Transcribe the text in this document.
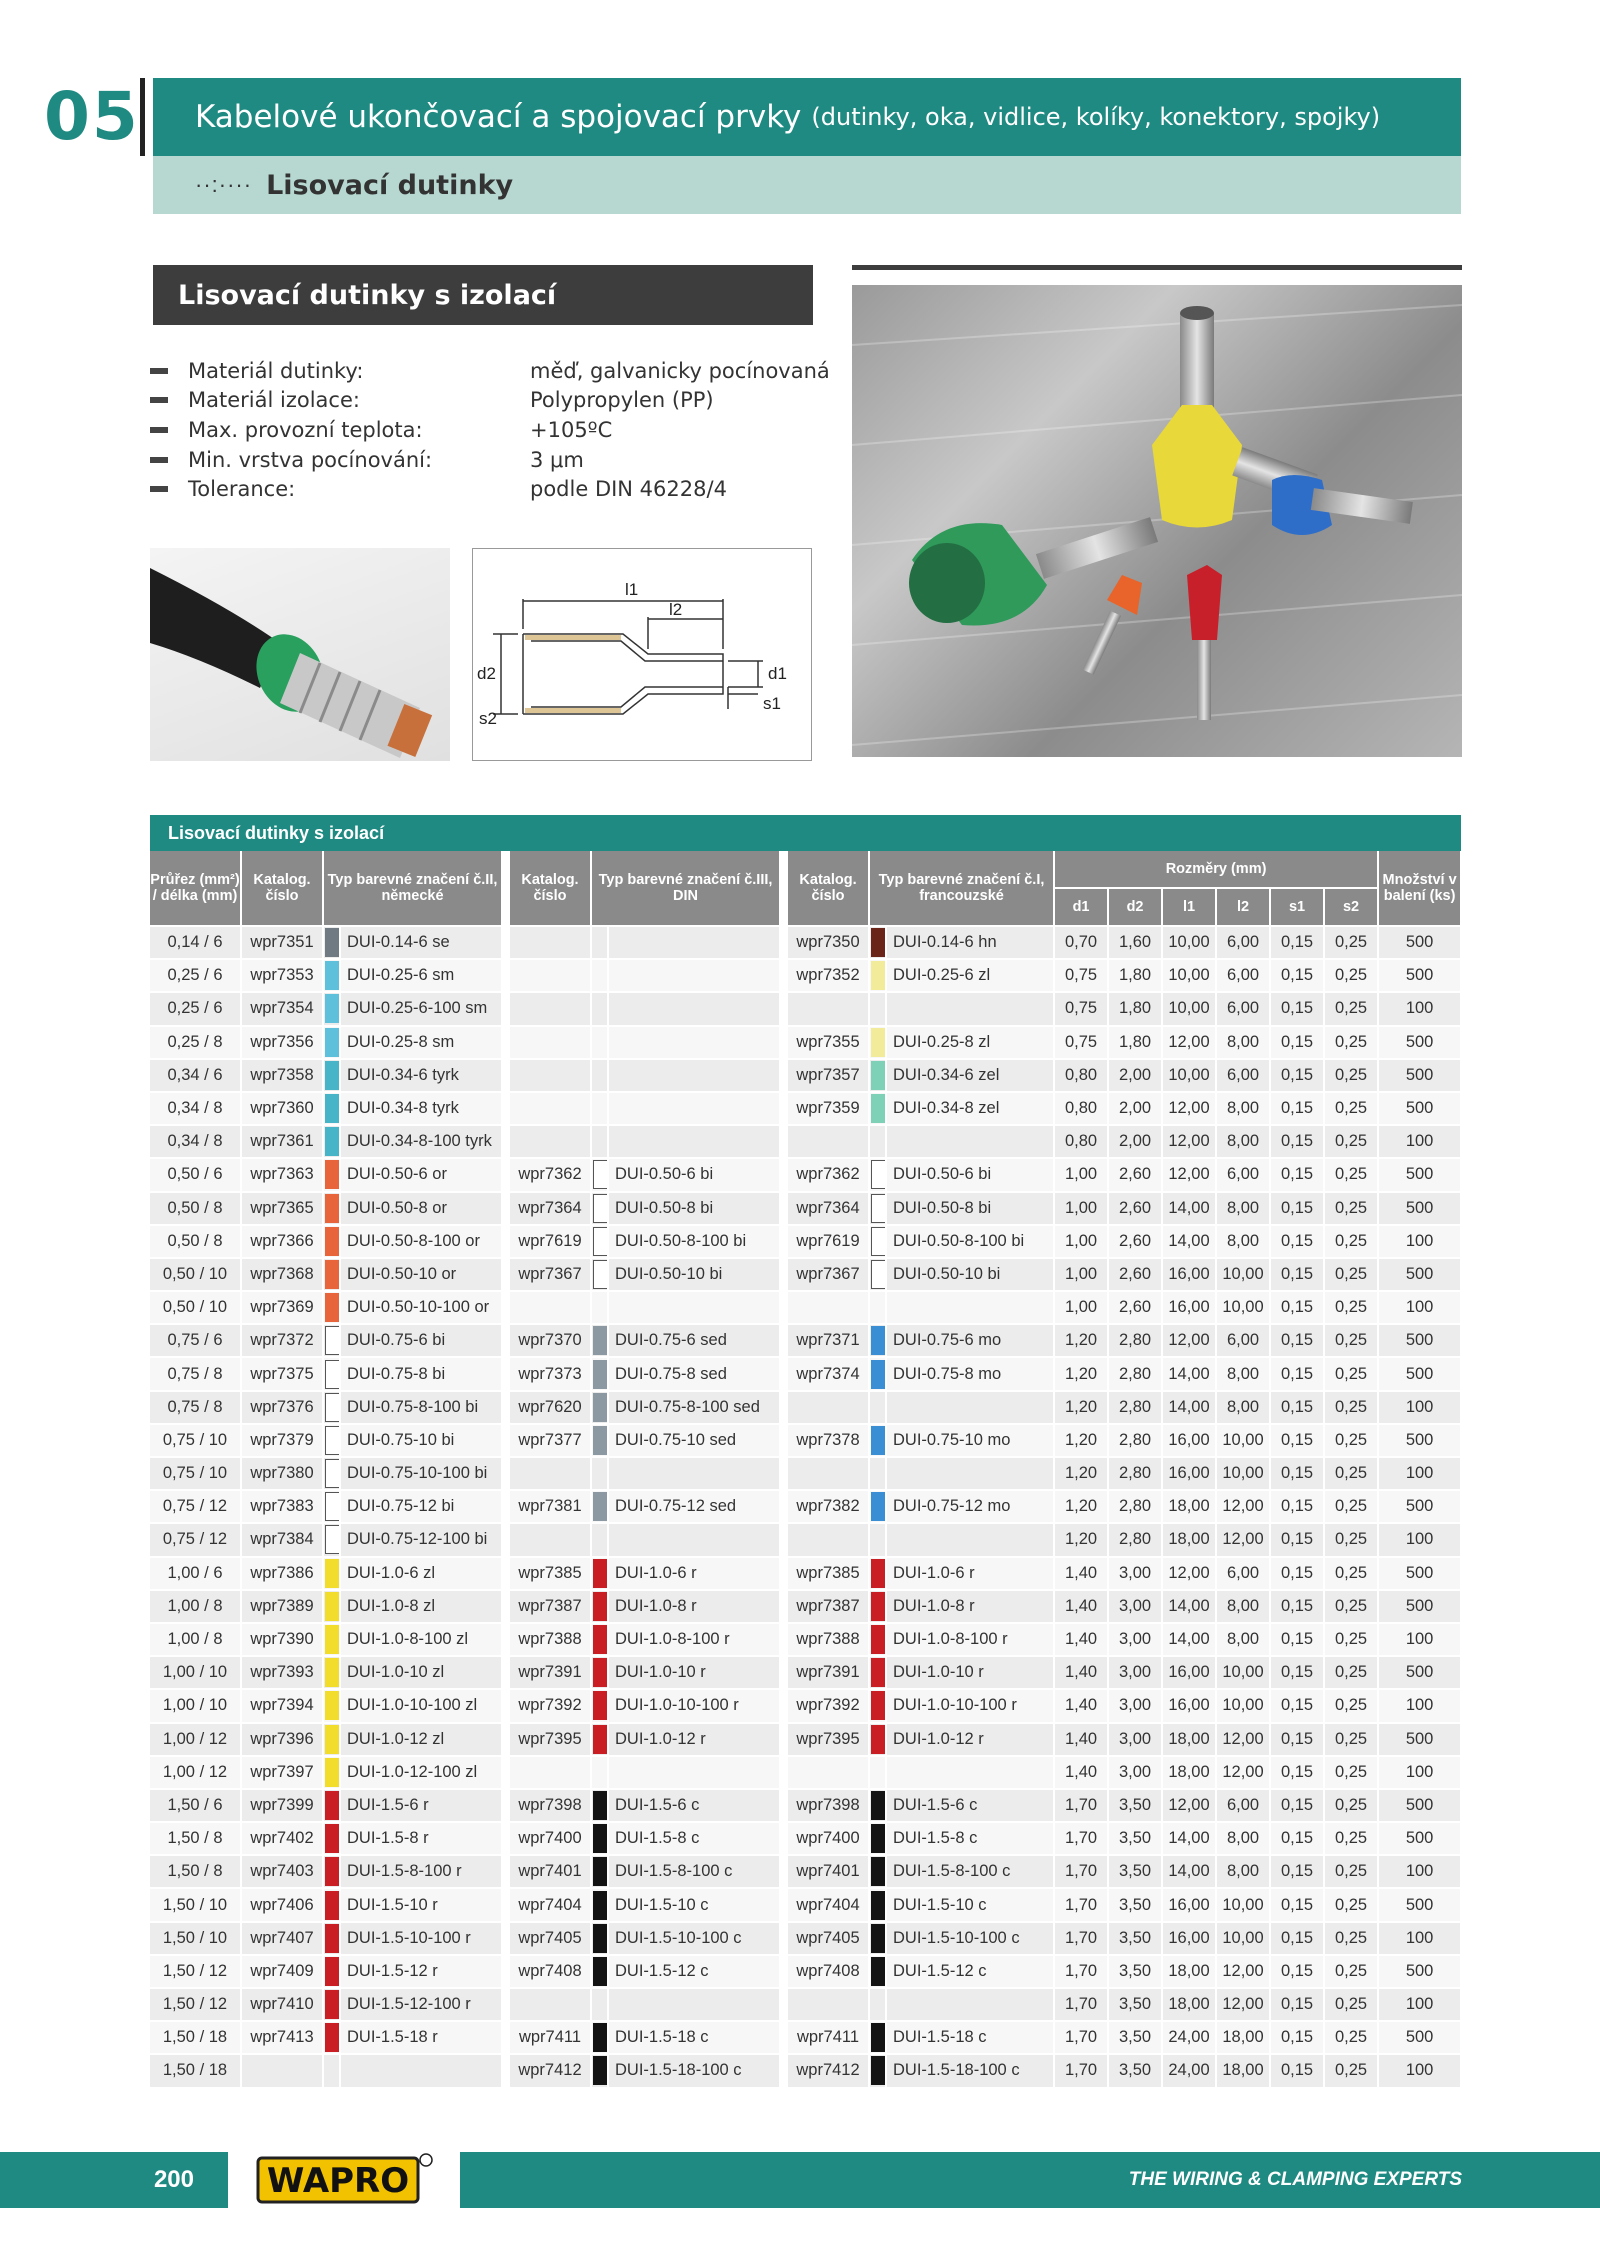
05 Kabelové ukončovací a spojovací prvky (dutinky, oka, vidlice, kolíky, konektory, spojky)
··:···· Lisovací dutinky
Lisovací dutinky s izolací
Materiál dutinky:	měď, galvanicky pocínovaná
Materiál izolace:	Polypropylen (PP)
Max. provozní teplota:	+105ºC
Min. vrstva pocínování:	3 μm
Tolerance:	podle DIN 46228/4
l1
l2
d2	d1
s1
s2
Lisovací dutinky s izolací
Průřez (mm²) / délka (mm)	Katalog. číslo	Typ barevné značení č.II, německé			Katalog. číslo	Typ barevné značení č.III, DIN			Katalog. číslo	Typ barevné značení č.I, francouzské		Rozměry (mm)						Množství v balení (ks)
												d1	d2	l1	l2	s1	s2	
0,14 / 6	wpr7351		DUI-0.14-6 se						wpr7350		DUI-0.14-6 hn	0,70	1,60	10,00	6,00	0,15	0,25	500
0,25 / 6	wpr7353		DUI-0.25-6 sm						wpr7352		DUI-0.25-6 zl	0,75	1,80	10,00	6,00	0,15	0,25	500
0,25 / 6	wpr7354		DUI-0.25-6-100 sm									0,75	1,80	10,00	6,00	0,15	0,25	100
0,25 / 8	wpr7356		DUI-0.25-8 sm						wpr7355		DUI-0.25-8 zl	0,75	1,80	12,00	8,00	0,15	0,25	500
0,34 / 6	wpr7358		DUI-0.34-6 tyrk						wpr7357		DUI-0.34-6 zel	0,80	2,00	10,00	6,00	0,15	0,25	500
0,34 / 8	wpr7360		DUI-0.34-8 tyrk						wpr7359		DUI-0.34-8 zel	0,80	2,00	12,00	8,00	0,15	0,25	500
0,34 / 8	wpr7361		DUI-0.34-8-100 tyrk									0,80	2,00	12,00	8,00	0,15	0,25	100
0,50 / 6	wpr7363		DUI-0.50-6 or		wpr7362		DUI-0.50-6 bi		wpr7362		DUI-0.50-6 bi	1,00	2,60	12,00	6,00	0,15	0,25	500
0,50 / 8	wpr7365		DUI-0.50-8 or		wpr7364		DUI-0.50-8 bi		wpr7364		DUI-0.50-8 bi	1,00	2,60	14,00	8,00	0,15	0,25	500
0,50 / 8	wpr7366		DUI-0.50-8-100 or		wpr7619		DUI-0.50-8-100 bi		wpr7619		DUI-0.50-8-100 bi	1,00	2,60	14,00	8,00	0,15	0,25	100
0,50 / 10	wpr7368		DUI-0.50-10 or		wpr7367		DUI-0.50-10 bi		wpr7367		DUI-0.50-10 bi	1,00	2,60	16,00	10,00	0,15	0,25	500
0,50 / 10	wpr7369		DUI-0.50-10-100 or									1,00	2,60	16,00	10,00	0,15	0,25	100
0,75 / 6	wpr7372		DUI-0.75-6 bi		wpr7370		DUI-0.75-6 sed		wpr7371		DUI-0.75-6 mo	1,20	2,80	12,00	6,00	0,15	0,25	500
0,75 / 8	wpr7375		DUI-0.75-8 bi		wpr7373		DUI-0.75-8 sed		wpr7374		DUI-0.75-8 mo	1,20	2,80	14,00	8,00	0,15	0,25	500
0,75 / 8	wpr7376		DUI-0.75-8-100 bi		wpr7620		DUI-0.75-8-100 sed					1,20	2,80	14,00	8,00	0,15	0,25	100
0,75 / 10	wpr7379		DUI-0.75-10 bi		wpr7377		DUI-0.75-10 sed		wpr7378		DUI-0.75-10 mo	1,20	2,80	16,00	10,00	0,15	0,25	500
0,75 / 10	wpr7380		DUI-0.75-10-100 bi									1,20	2,80	16,00	10,00	0,15	0,25	100
0,75 / 12	wpr7383		DUI-0.75-12 bi		wpr7381		DUI-0.75-12 sed		wpr7382		DUI-0.75-12 mo	1,20	2,80	18,00	12,00	0,15	0,25	500
0,75 / 12	wpr7384		DUI-0.75-12-100 bi									1,20	2,80	18,00	12,00	0,15	0,25	100
1,00 / 6	wpr7386		DUI-1.0-6 zl		wpr7385		DUI-1.0-6 r		wpr7385		DUI-1.0-6 r	1,40	3,00	12,00	6,00	0,15	0,25	500
1,00 / 8	wpr7389		DUI-1.0-8 zl		wpr7387		DUI-1.0-8 r		wpr7387		DUI-1.0-8 r	1,40	3,00	14,00	8,00	0,15	0,25	500
1,00 / 8	wpr7390		DUI-1.0-8-100 zl		wpr7388		DUI-1.0-8-100 r		wpr7388		DUI-1.0-8-100 r	1,40	3,00	14,00	8,00	0,15	0,25	100
1,00 / 10	wpr7393		DUI-1.0-10 zl		wpr7391		DUI-1.0-10 r		wpr7391		DUI-1.0-10 r	1,40	3,00	16,00	10,00	0,15	0,25	500
1,00 / 10	wpr7394		DUI-1.0-10-100 zl		wpr7392		DUI-1.0-10-100 r		wpr7392		DUI-1.0-10-100 r	1,40	3,00	16,00	10,00	0,15	0,25	100
1,00 / 12	wpr7396		DUI-1.0-12 zl		wpr7395		DUI-1.0-12 r		wpr7395		DUI-1.0-12 r	1,40	3,00	18,00	12,00	0,15	0,25	500
1,00 / 12	wpr7397		DUI-1.0-12-100 zl									1,40	3,00	18,00	12,00	0,15	0,25	100
1,50 / 6	wpr7399		DUI-1.5-6 r		wpr7398		DUI-1.5-6 c		wpr7398		DUI-1.5-6 c	1,70	3,50	12,00	6,00	0,15	0,25	500
1,50 / 8	wpr7402		DUI-1.5-8 r		wpr7400		DUI-1.5-8 c		wpr7400		DUI-1.5-8 c	1,70	3,50	14,00	8,00	0,15	0,25	500
1,50 / 8	wpr7403		DUI-1.5-8-100 r		wpr7401		DUI-1.5-8-100 c		wpr7401		DUI-1.5-8-100 c	1,70	3,50	14,00	8,00	0,15	0,25	100
1,50 / 10	wpr7406		DUI-1.5-10 r		wpr7404		DUI-1.5-10 c		wpr7404		DUI-1.5-10 c	1,70	3,50	16,00	10,00	0,15	0,25	500
1,50 / 10	wpr7407		DUI-1.5-10-100 r		wpr7405		DUI-1.5-10-100 c		wpr7405		DUI-1.5-10-100 c	1,70	3,50	16,00	10,00	0,15	0,25	100
1,50 / 12	wpr7409		DUI-1.5-12 r		wpr7408		DUI-1.5-12 c		wpr7408		DUI-1.5-12 c	1,70	3,50	18,00	12,00	0,15	0,25	500
1,50 / 12	wpr7410		DUI-1.5-12-100 r									1,70	3,50	18,00	12,00	0,15	0,25	100
1,50 / 18	wpr7413		DUI-1.5-18 r		wpr7411		DUI-1.5-18 c		wpr7411		DUI-1.5-18 c	1,70	3,50	24,00	18,00	0,15	0,25	500
1,50 / 18					wpr7412		DUI-1.5-18-100 c		wpr7412		DUI-1.5-18-100 c	1,70	3,50	24,00	18,00	0,15	0,25	100
200	WAPRO	THE WIRING & CLAMPING EXPERTS
